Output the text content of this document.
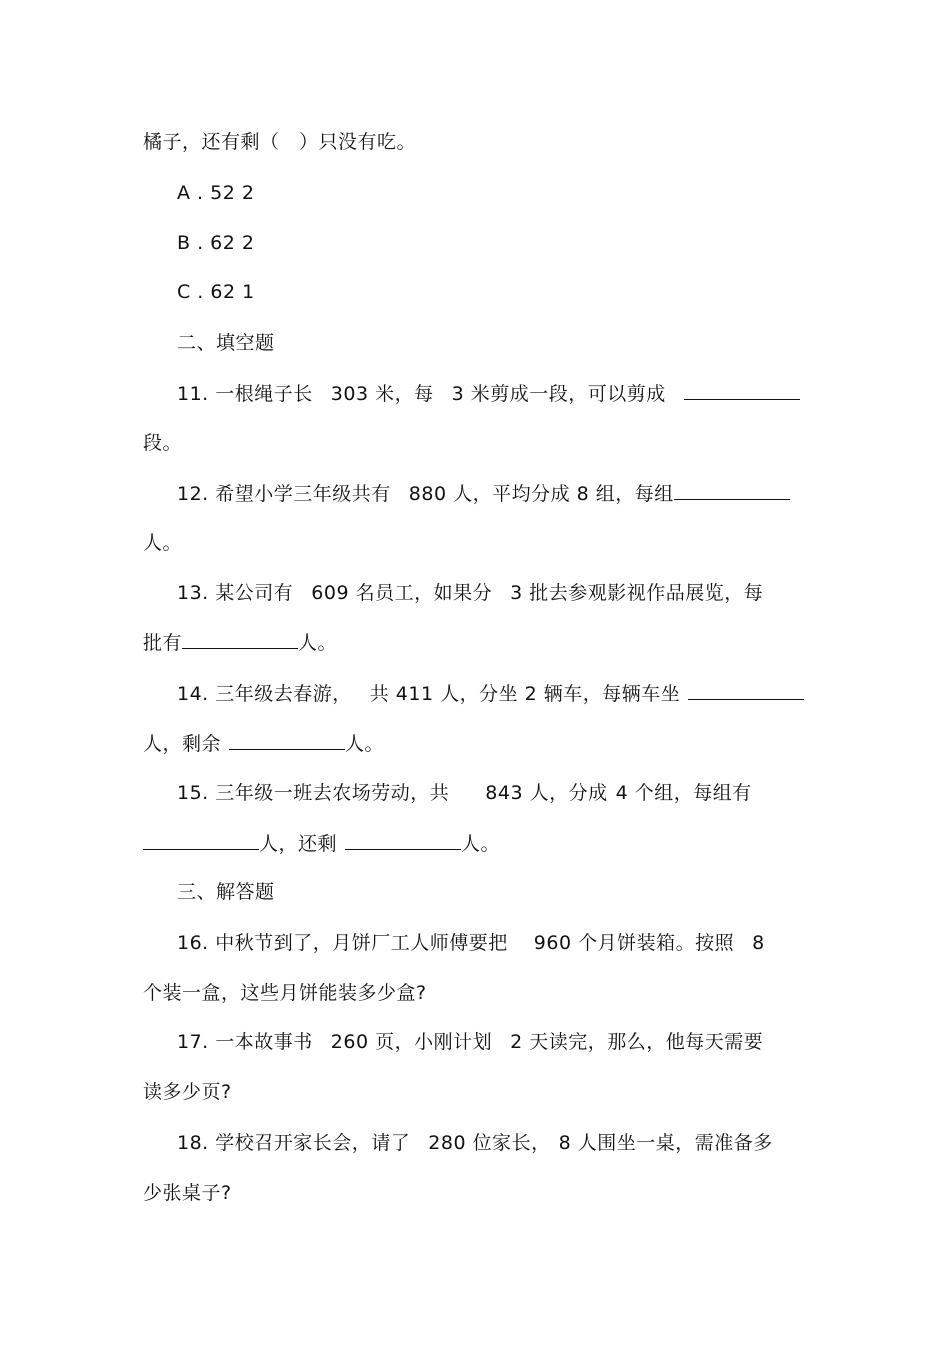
橘子，还有剩（　）只没有吃。
A . 52 2
B . 62 2
C . 62 1
二、填空题
11. 一根绳子长 303 米，每 3 米剪成一段，可以剪成
段。
12. 希望小学三年级共有 880 人，平均分成 8 组，每组
人。
13. 某公司有 609 名员工，如果分 3 批去参观影视作品展览，每
批有	人。
14. 三年级去春游， 共 411 人，分坐 2 辆车，每辆车坐
人，剩余	人。
15. 三年级一班去农场劳动，共 843 人，分成 4 个组，每组有
人，还剩	人。
三、解答题
16. 中秋节到了，月饼厂工人师傅要把 960 个月饼装箱。按照 8
个装一盒，这些月饼能装多少盒?
17. 一本故事书 260 页，小刚计划 2 天读完，那么，他每天需要
读多少页?
18. 学校召开家长会，请了 280 位家长， 8 人围坐一桌，需准备多
少张桌子?
